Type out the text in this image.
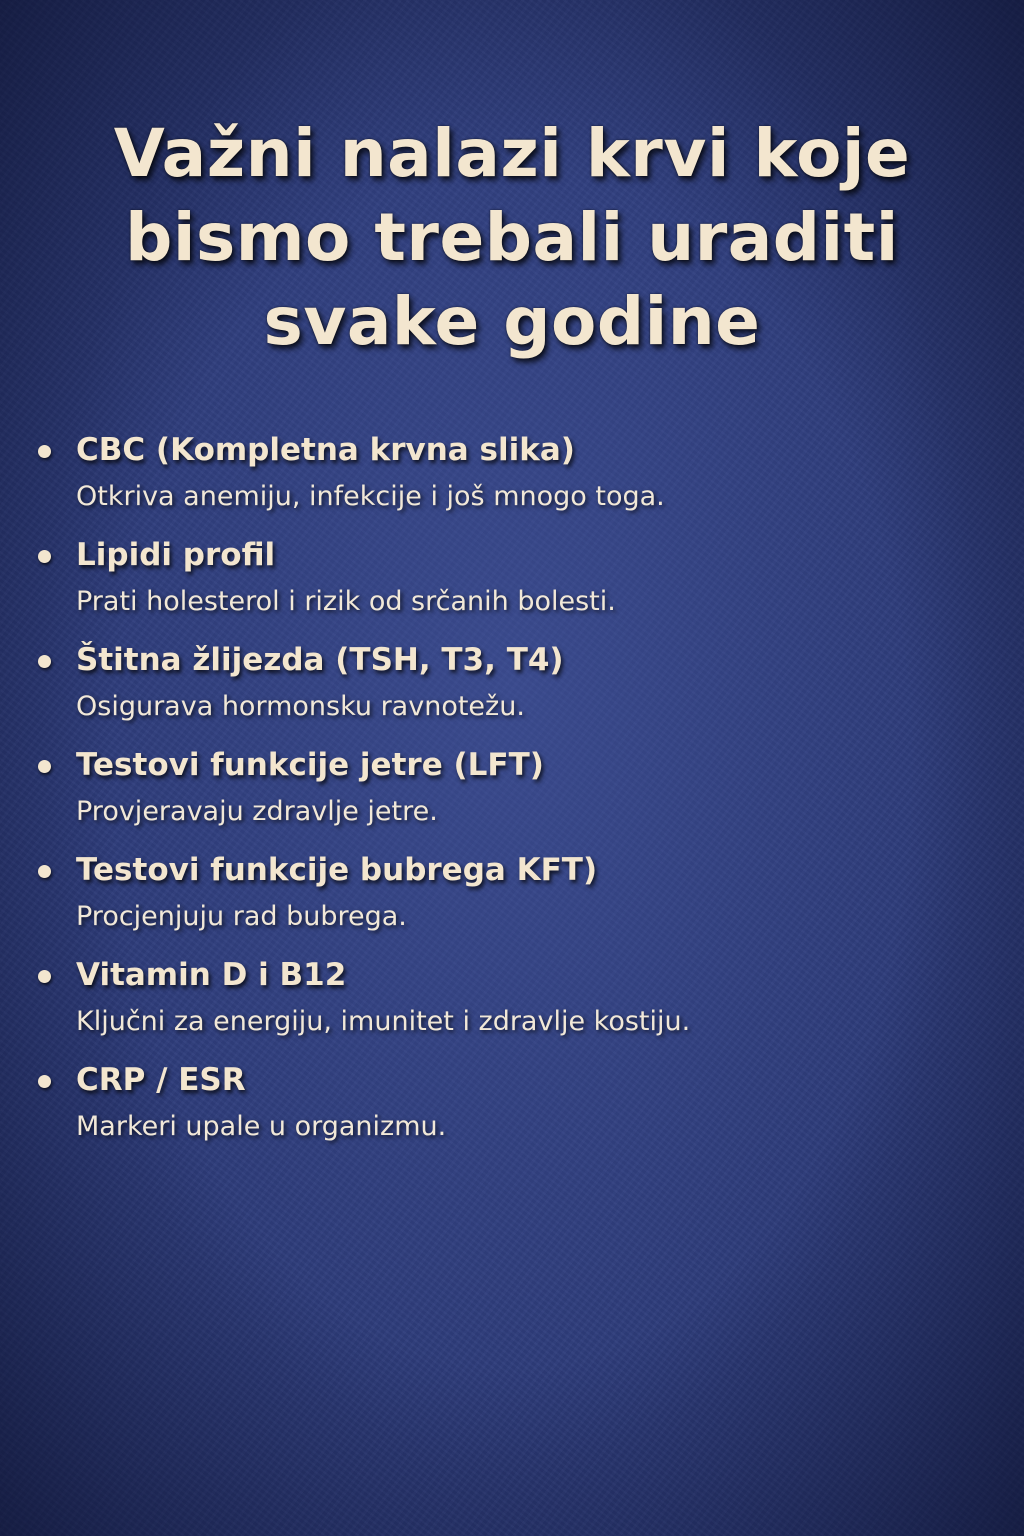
Važni nalazi krvi koje
bismo trebali uraditi
svake godine
CBC (Kompletna krvna slika)
Otkriva anemiju, infekcije i još mnogo toga.
Lipidi profil
Prati holesterol i rizik od srčanih bolesti.
Štitna žlijezda (TSH, T3, T4)
Osigurava hormonsku ravnotežu.
Testovi funkcije jetre (LFT)
Provjeravaju zdravlje jetre.
Testovi funkcije bubrega KFT)
Procjenjuju rad bubrega.
Vitamin D i B12
Ključni za energiju, imunitet i zdravlje kostiju.
CRP / ESR
Markeri upale u organizmu.
